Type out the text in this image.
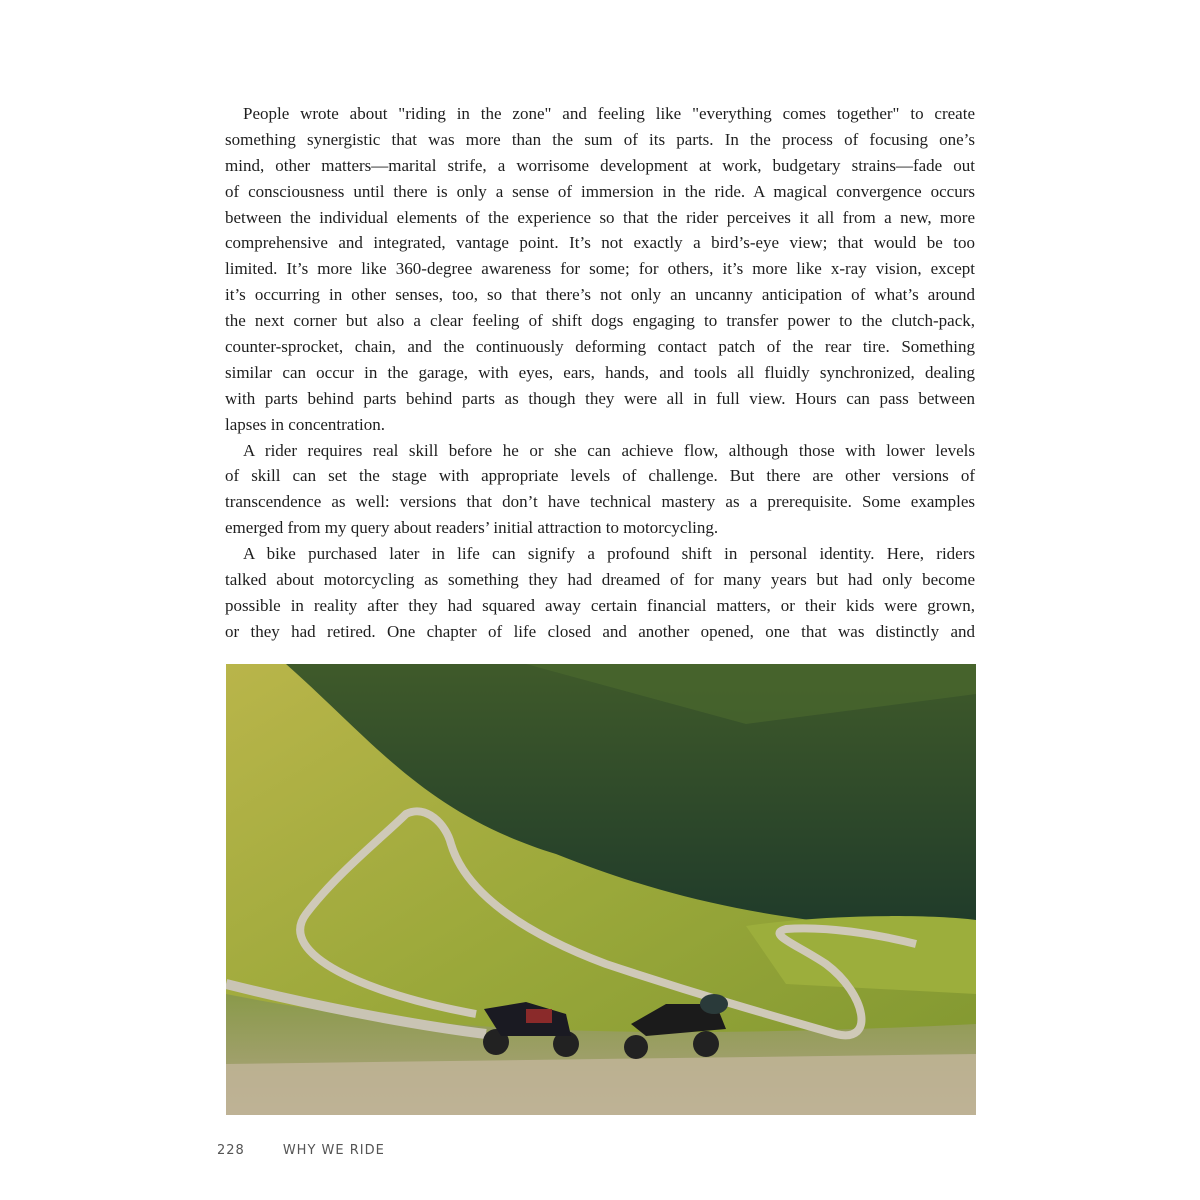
People wrote about "riding in the zone" and feeling like "everything comes together" to create
something synergistic that was more than the sum of its parts. In the process of focusing one’s
mind, other matters—marital strife, a worrisome development at work, budgetary strains—fade out
of consciousness until there is only a sense of immersion in the ride. A magical convergence occurs
between the individual elements of the experience so that the rider perceives it all from a new, more
comprehensive and integrated, vantage point. It’s not exactly a bird’s-eye view; that would be too
limited. It’s more like 360-degree awareness for some; for others, it’s more like x-ray vision, except
it’s occurring in other senses, too, so that there’s not only an uncanny anticipation of what’s around
the next corner but also a clear feeling of shift dogs engaging to transfer power to the clutch-pack,
counter-sprocket, chain, and the continuously deforming contact patch of the rear tire. Something
similar can occur in the garage, with eyes, ears, hands, and tools all fluidly synchronized, dealing
with parts behind parts behind parts as though they were all in full view. Hours can pass between
lapses in concentration.
A rider requires real skill before he or she can achieve flow, although those with lower levels
of skill can set the stage with appropriate levels of challenge. But there are other versions of
transcendence as well: versions that don’t have technical mastery as a prerequisite. Some examples
emerged from my query about readers’ initial attraction to motorcycling.
A bike purchased later in life can signify a profound shift in personal identity. Here, riders
talked about motorcycling as something they had dreamed of for many years but had only become
possible in reality after they had squared away certain financial matters, or their kids were grown,
or they had retired. One chapter of life closed and another opened, one that was distinctly and
228	WHY WE RIDE
